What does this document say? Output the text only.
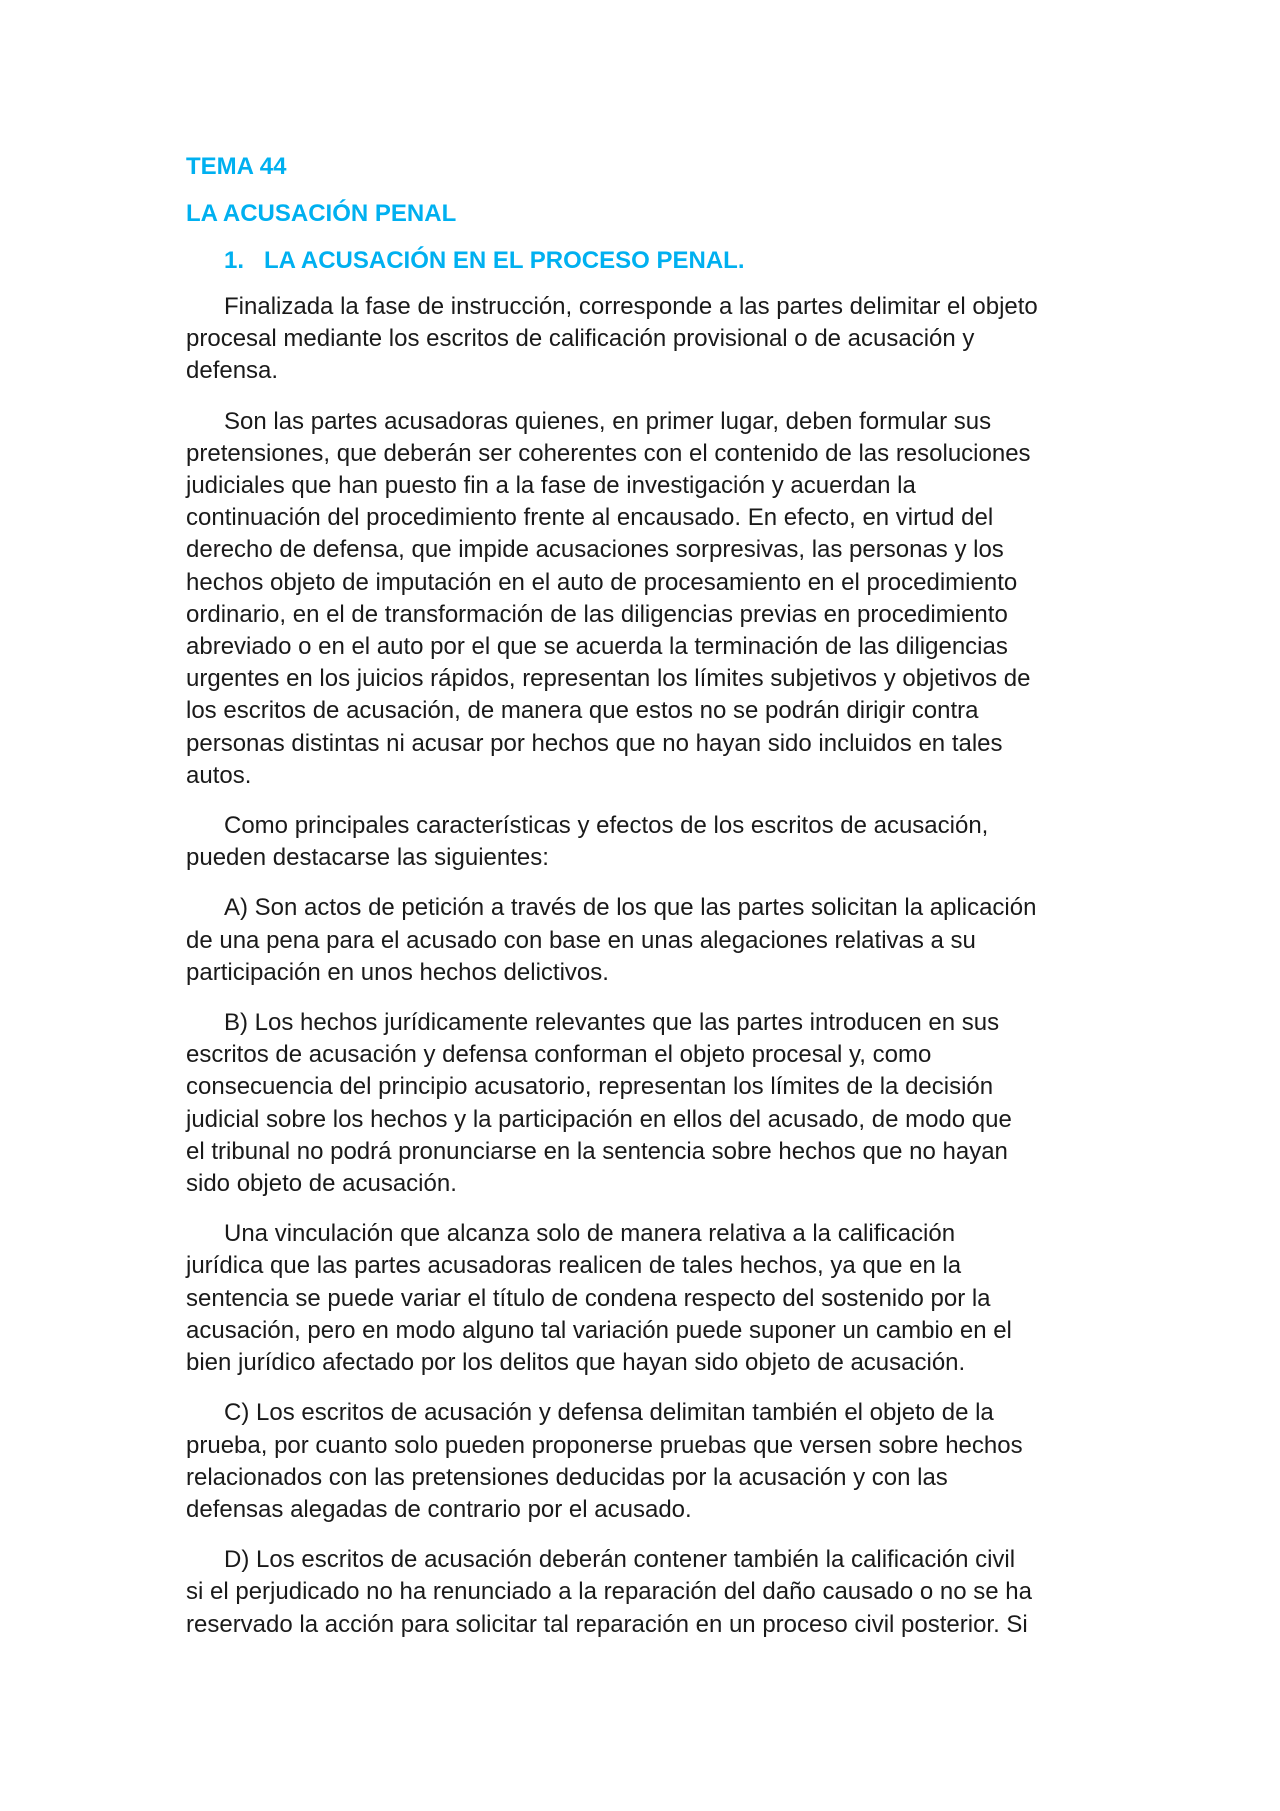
TEMA 44
LA ACUSACIÓN PENAL
1. LA ACUSACIÓN EN EL PROCESO PENAL.

Finalizada la fase de instrucción, corresponde a las partes delimitar el objeto
procesal mediante los escritos de calificación provisional o de acusación y
defensa.

Son las partes acusadoras quienes, en primer lugar, deben formular sus
pretensiones, que deberán ser coherentes con el contenido de las resoluciones
judiciales que han puesto fin a la fase de investigación y acuerdan la
continuación del procedimiento frente al encausado. En efecto, en virtud del
derecho de defensa, que impide acusaciones sorpresivas, las personas y los
hechos objeto de imputación en el auto de procesamiento en el procedimiento
ordinario, en el de transformación de las diligencias previas en procedimiento
abreviado o en el auto por el que se acuerda la terminación de las diligencias
urgentes en los juicios rápidos, representan los límites subjetivos y objetivos de
los escritos de acusación, de manera que estos no se podrán dirigir contra
personas distintas ni acusar por hechos que no hayan sido incluidos en tales
autos.

Como principales características y efectos de los escritos de acusación,
pueden destacarse las siguientes:

A) Son actos de petición a través de los que las partes solicitan la aplicación
de una pena para el acusado con base en unas alegaciones relativas a su
participación en unos hechos delictivos.

B) Los hechos jurídicamente relevantes que las partes introducen en sus
escritos de acusación y defensa conforman el objeto procesal y, como
consecuencia del principio acusatorio, representan los límites de la decisión
judicial sobre los hechos y la participación en ellos del acusado, de modo que
el tribunal no podrá pronunciarse en la sentencia sobre hechos que no hayan
sido objeto de acusación.

Una vinculación que alcanza solo de manera relativa a la calificación
jurídica que las partes acusadoras realicen de tales hechos, ya que en la
sentencia se puede variar el título de condena respecto del sostenido por la
acusación, pero en modo alguno tal variación puede suponer un cambio en el
bien jurídico afectado por los delitos que hayan sido objeto de acusación.

C) Los escritos de acusación y defensa delimitan también el objeto de la
prueba, por cuanto solo pueden proponerse pruebas que versen sobre hechos
relacionados con las pretensiones deducidas por la acusación y con las
defensas alegadas de contrario por el acusado.

D) Los escritos de acusación deberán contener también la calificación civil
si el perjudicado no ha renunciado a la reparación del daño causado o no se ha
reservado la acción para solicitar tal reparación en un proceso civil posterior. Si
